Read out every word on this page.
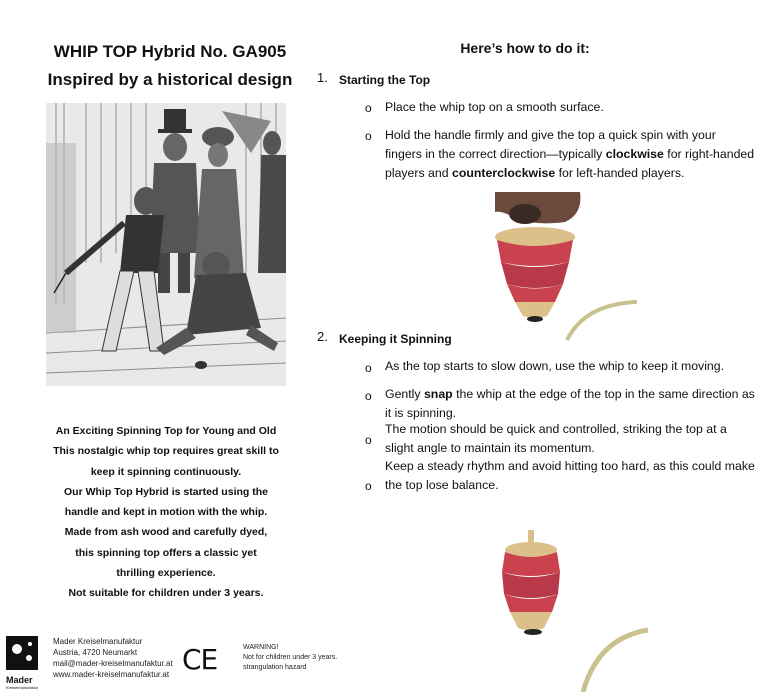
WHIP TOP Hybrid No. GA905
Inspired by a historical design
An Exciting Spinning Top for Young and Old
This nostalgic whip top requires great skill to
keep it spinning continuously.
Our Whip Top Hybrid is started using the
handle and kept in motion with the whip.
Made from ash wood and carefully dyed,
this spinning top offers a classic yet
thrilling experience.
Not suitable for children under 3 years.
Here’s how to do it:
1. Starting the Top
o Place the whip top on a smooth surface.
o Hold the handle firmly and give the top a quick spin with your fingers in the correct direction—typically clockwise for right-handed players and counterclockwise for left-handed players.
2. Keeping it Spinning
o As the top starts to slow down, use the whip to keep it moving.
o Gently snap the whip at the edge of the top in the same direction as it is spinning.
o
The motion should be quick and controlled, striking the top at a slight angle to maintain its momentum.
o
Keep a steady rhythm and avoid hitting too hard, as this could make the top lose balance.
Mader
Kreiselmanufaktur
Mader Kreiselmanufaktur
Austria, 4720 Neumarkt
mail@mader-kreiselmanufaktur.at
www.mader-kreiselmanufaktur.at CE	WARNING!
Not for children under 3 years.
strangulation hazard
